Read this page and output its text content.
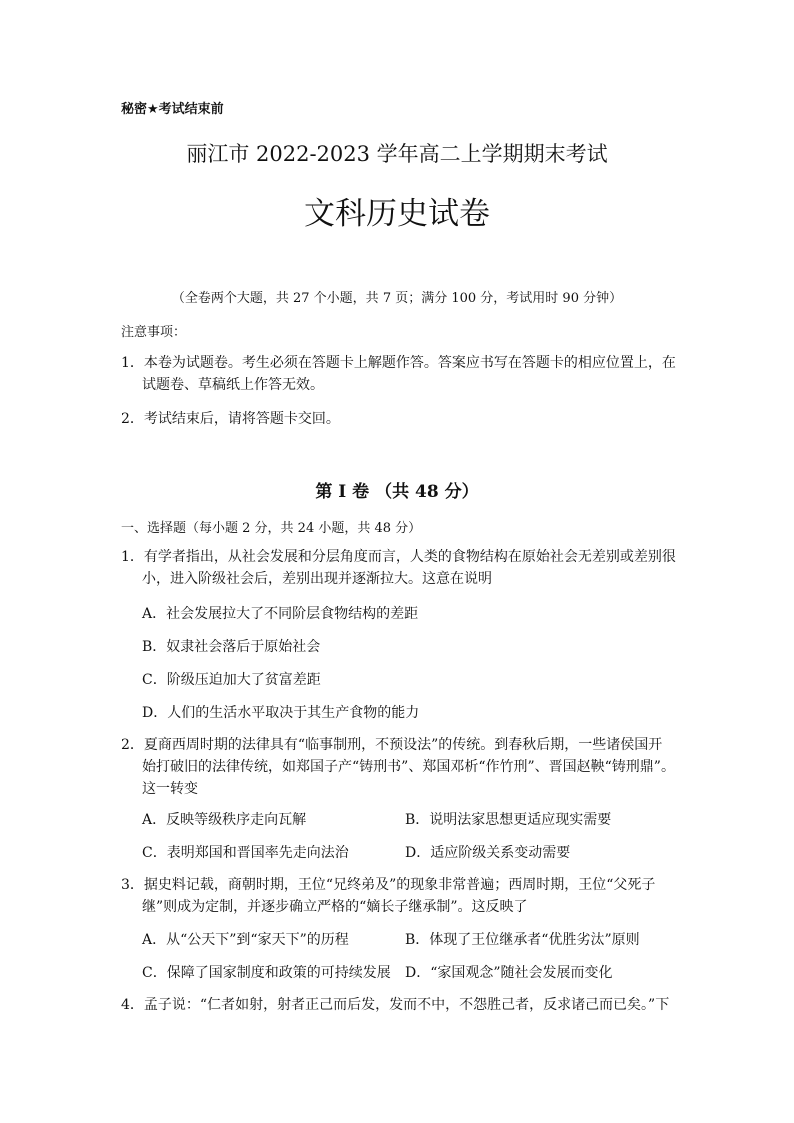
秘密★考试结束前
丽江市 2022-2023 学年高二上学期期末考试
文科历史试卷
（全卷两个大题，共 27 个小题，共 7 页；满分 100 分，考试用时 90 分钟）
注意事项：
1．本卷为试题卷。考生必须在答题卡上解题作答。答案应书写在答题卡的相应位置上，在
试题卷、草稿纸上作答无效。
2．考试结束后，请将答题卡交回。
第 I 卷 （共 48 分）
一、选择题（每小题 2 分，共 24 小题，共 48 分）
1．有学者指出，从社会发展和分层角度而言，人类的食物结构在原始社会无差别或差别很
小，进入阶级社会后，差别出现并逐渐拉大。这意在说明
A．社会发展拉大了不同阶层食物结构的差距
B．奴隶社会落后于原始社会
C．阶级压迫加大了贫富差距
D．人们的生活水平取决于其生产食物的能力
2．夏商西周时期的法律具有“临事制刑，不预设法”的传统。到春秋后期，一些诸侯国开
始打破旧的法律传统，如郑国子产“铸刑书”、郑国邓析“作竹刑”、晋国赵鞅“铸刑鼎”。
这一转变
A．反映等级秩序走向瓦解	B．说明法家思想更适应现实需要
C．表明郑国和晋国率先走向法治	D．适应阶级关系变动需要
3．据史料记载，商朝时期，王位“兄终弟及”的现象非常普遍；西周时期，王位“父死子
继”则成为定制，并逐步确立严格的“嫡长子继承制”。这反映了
A．从“公天下”到“家天下”的历程	B．体现了王位继承者“优胜劣汰”原则
C．保障了国家制度和政策的可持续发展 D．“家国观念”随社会发展而变化
4．孟子说：“仁者如射，射者正己而后发，发而不中，不怨胜己者，反求诸己而已矣。”下
